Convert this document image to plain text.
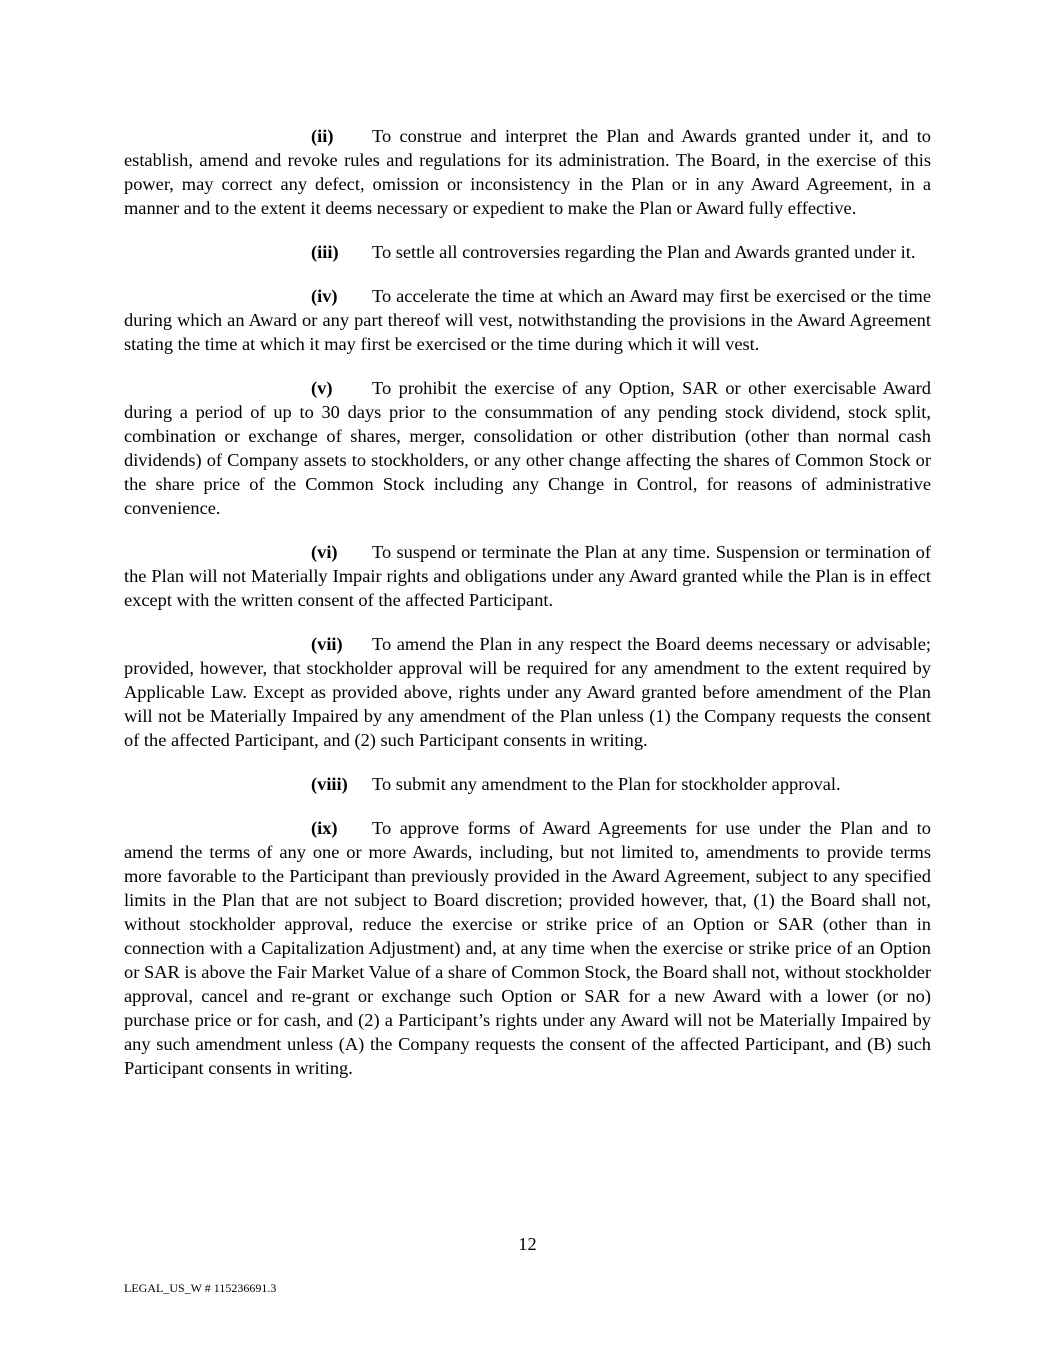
(ii) To construe and interpret the Plan and Awards granted under it, and to establish, amend and revoke rules and regulations for its administration. The Board, in the exercise of this power, may correct any defect, omission or inconsistency in the Plan or in any Award Agreement, in a manner and to the extent it deems necessary or expedient to make the Plan or Award fully effective.

(iii) To settle all controversies regarding the Plan and Awards granted under it.

(iv) To accelerate the time at which an Award may first be exercised or the time during which an Award or any part thereof will vest, notwithstanding the provisions in the Award Agreement stating the time at which it may first be exercised or the time during which it will vest.

(v) To prohibit the exercise of any Option, SAR or other exercisable Award during a period of up to 30 days prior to the consummation of any pending stock dividend, stock split, combination or exchange of shares, merger, consolidation or other distribution (other than normal cash dividends) of Company assets to stockholders, or any other change affecting the shares of Common Stock or the share price of the Common Stock including any Change in Control, for reasons of administrative convenience.

(vi) To suspend or terminate the Plan at any time. Suspension or termination of the Plan will not Materially Impair rights and obligations under any Award granted while the Plan is in effect except with the written consent of the affected Participant.

(vii) To amend the Plan in any respect the Board deems necessary or advisable; provided, however, that stockholder approval will be required for any amendment to the extent required by Applicable Law. Except as provided above, rights under any Award granted before amendment of the Plan will not be Materially Impaired by any amendment of the Plan unless (1) the Company requests the consent of the affected Participant, and (2) such Participant consents in writing.

(viii) To submit any amendment to the Plan for stockholder approval.

(ix) To approve forms of Award Agreements for use under the Plan and to amend the terms of any one or more Awards, including, but not limited to, amendments to provide terms more favorable to the Participant than previously provided in the Award Agreement, subject to any specified limits in the Plan that are not subject to Board discretion; provided however, that, (1) the Board shall not, without stockholder approval, reduce the exercise or strike price of an Option or SAR (other than in connection with a Capitalization Adjustment) and, at any time when the exercise or strike price of an Option or SAR is above the Fair Market Value of a share of Common Stock, the Board shall not, without stockholder approval, cancel and re-grant or exchange such Option or SAR for a new Award with a lower (or no) purchase price or for cash, and (2) a Participant’s rights under any Award will not be Materially Impaired by any such amendment unless (A) the Company requests the consent of the affected Participant, and (B) such Participant consents in writing.

12
LEGAL_US_W # 115236691.3
